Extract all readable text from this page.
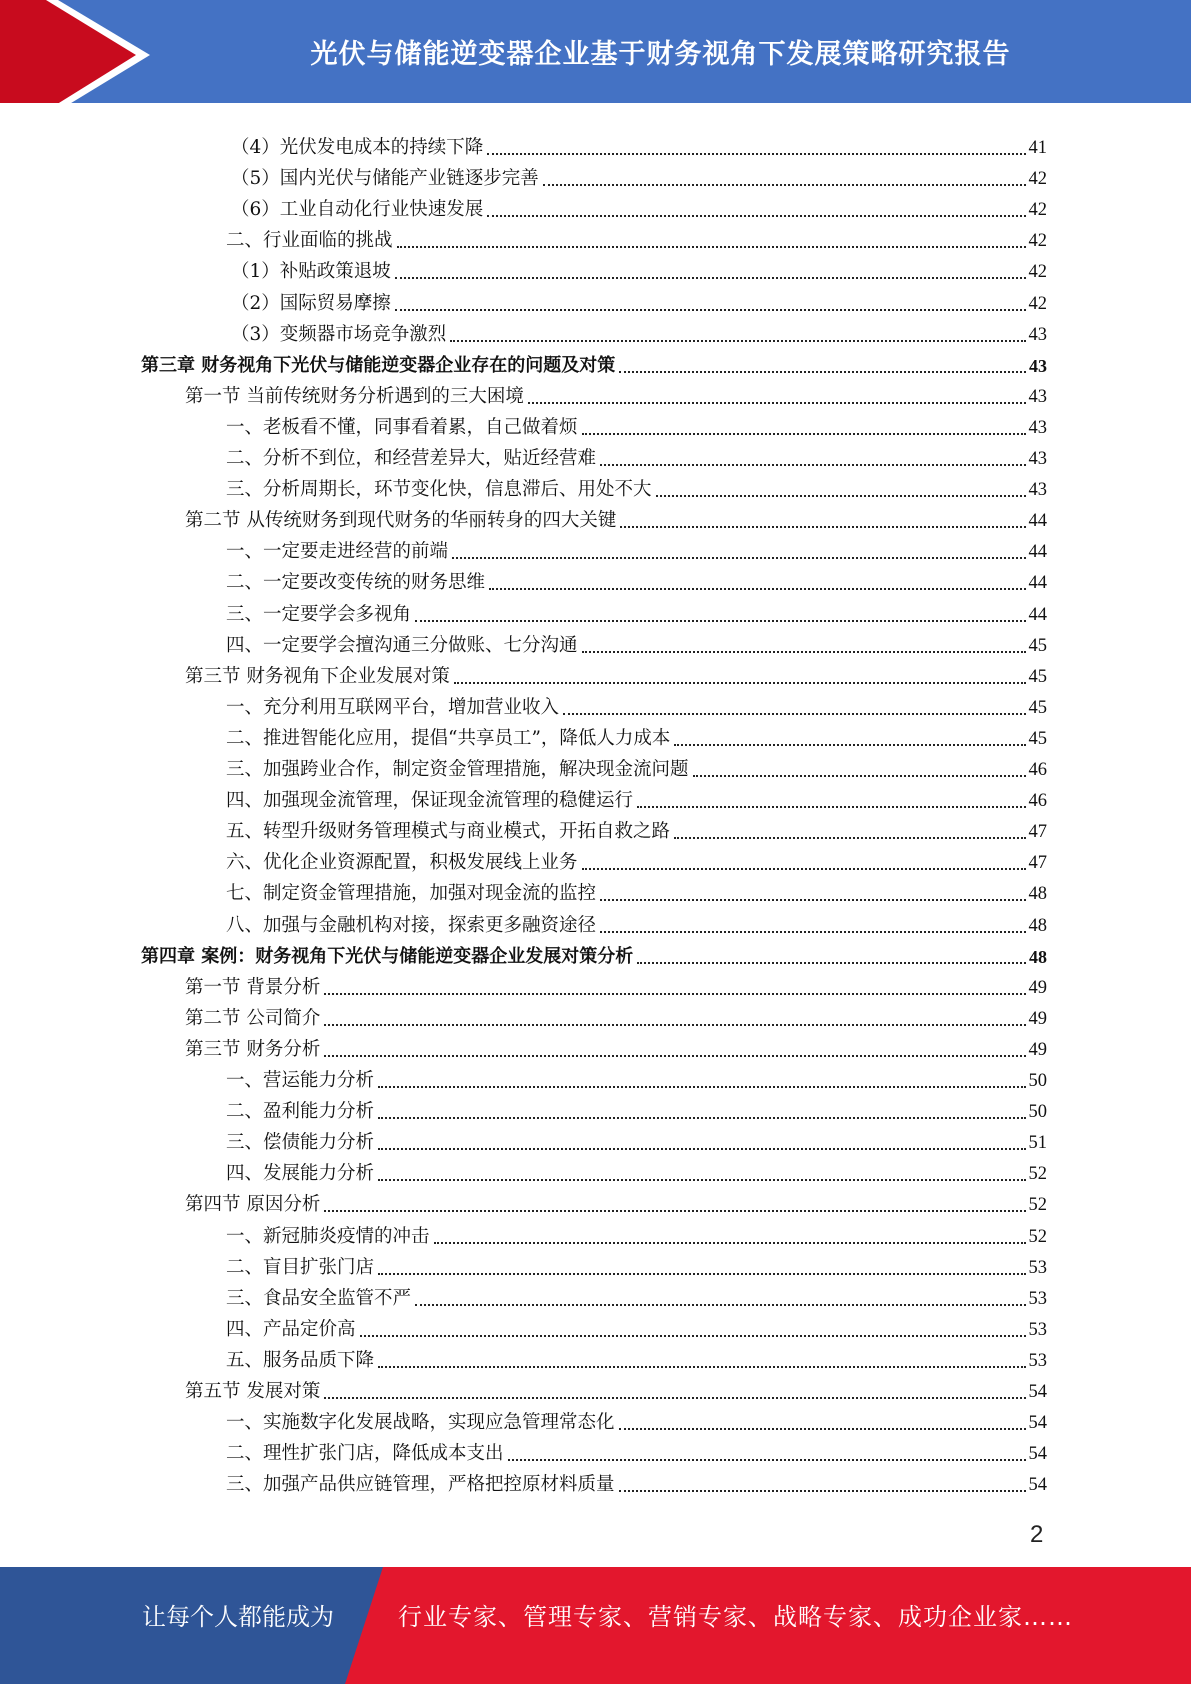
光伏与储能逆变器企业基于财务视角下发展策略研究报告
（4）光伏发电成本的持续下降	41
（5）国内光伏与储能产业链逐步完善	42
（6）工业自动化行业快速发展	42
二、行业面临的挑战	42
（1）补贴政策退坡	42
（2）国际贸易摩擦	42
（3）变频器市场竞争激烈	43
第三章 财务视角下光伏与储能逆变器企业存在的问题及对策	43
第一节 当前传统财务分析遇到的三大困境	43
一、老板看不懂，同事看着累，自己做着烦	43
二、分析不到位，和经营差异大，贴近经营难	43
三、分析周期长，环节变化快，信息滞后、用处不大	43
第二节 从传统财务到现代财务的华丽转身的四大关键	44
一、一定要走进经营的前端	44
二、一定要改变传统的财务思维	44
三、一定要学会多视角	44
四、一定要学会擅沟通三分做账、七分沟通	45
第三节 财务视角下企业发展对策	45
一、充分利用互联网平台，增加营业收入	45
二、推进智能化应用，提倡“共享员工”，降低人力成本	45
三、加强跨业合作，制定资金管理措施，解决现金流问题	46
四、加强现金流管理，保证现金流管理的稳健运行	46
五、转型升级财务管理模式与商业模式，开拓自救之路	47
六、优化企业资源配置，积极发展线上业务	47
七、制定资金管理措施，加强对现金流的监控	48
八、加强与金融机构对接，探索更多融资途径	48
第四章 案例：财务视角下光伏与储能逆变器企业发展对策分析	48
第一节 背景分析	49
第二节 公司简介	49
第三节 财务分析	49
一、营运能力分析	50
二、盈利能力分析	50
三、偿债能力分析	51
四、发展能力分析	52
第四节 原因分析	52
一、新冠肺炎疫情的冲击	52
二、盲目扩张门店	53
三、食品安全监管不严	53
四、产品定价高	53
五、服务品质下降	53
第五节 发展对策	54
一、实施数字化发展战略，实现应急管理常态化	54
二、理性扩张门店，降低成本支出	54
三、加强产品供应链管理，严格把控原材料质量	54
2
让每个人都能成为	行业专家、管理专家、营销专家、战略专家、成功企业家……
